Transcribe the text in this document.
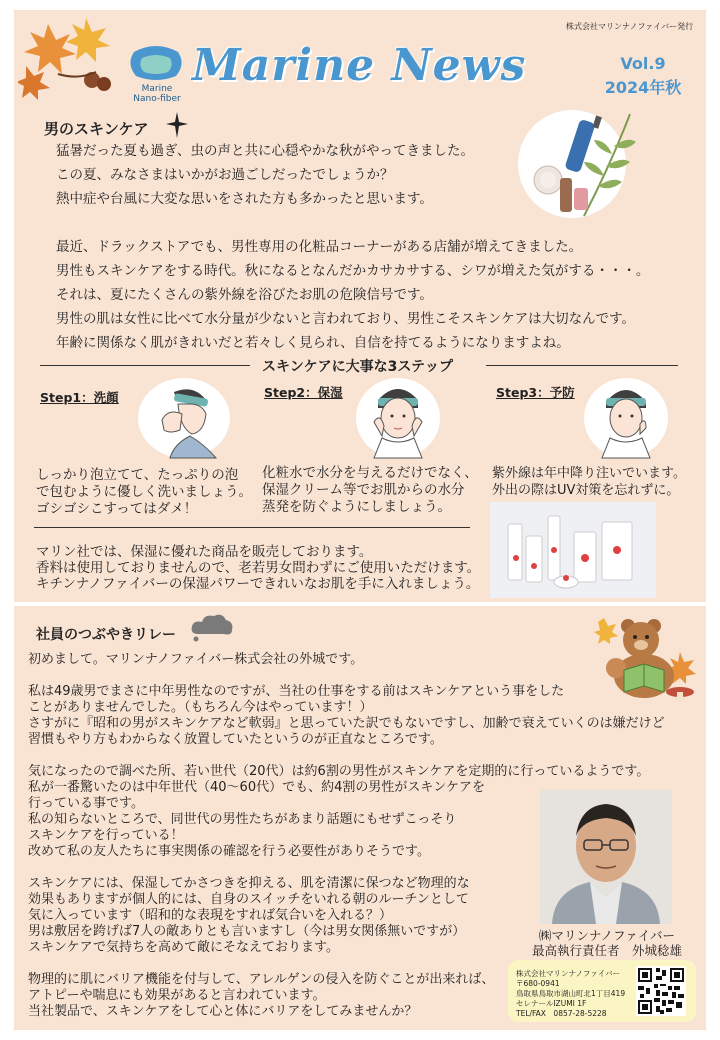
株式会社マリンナノファイバー発行
Marine
Nano-fiber
Marine News	Vol.9
2024年秋
男のスキンケア
猛暑だった夏も過ぎ、虫の声と共に心穏やかな秋がやってきました。
この夏、みなさまはいかがお過ごしだったでしょうか？
熱中症や台風に大変な思いをされた方も多かったと思います。
最近、ドラックストアでも、男性専用の化粧品コーナーがある店舗が増えてきました。
男性もスキンケアをする時代。秋になるとなんだかカサカサする、シワが増えた気がする・・・。
それは、夏にたくさんの紫外線を浴びたお肌の危険信号です。
男性の肌は女性に比べて水分量が少ないと言われており、男性こそスキンケアは大切なんです。
年齢に関係なく肌がきれいだと若々しく見られ、自信を持てるようになりますよね。
スキンケアに大事な3ステップ
Step1：洗顔	Step2：保湿	Step3：予防
しっかり泡立てて、たっぷりの泡
で包むように優しく洗いましょう。
ゴシゴシこすってはダメ！
化粧水で水分を与えるだけでなく、
保湿クリーム等でお肌からの水分
蒸発を防ぐようにしましょう。
紫外線は年中降り注いでいます。
外出の際はUV対策を忘れずに。
マリン社では、保湿に優れた商品を販売しております。
香料は使用しておりませんので、老若男女問わずにご使用いただけます。
キチンナノファイバーの保湿パワーできれいなお肌を手に入れましょう。
社員のつぶやきリレー
初めまして。マリンナノファイバー株式会社の外城です。
私は49歳男でまさに中年男性なのですが、当社の仕事をする前はスキンケアという事をした
ことがありませんでした。（もちろん今はやっています！）
さすがに『昭和の男がスキンケアなど軟弱』と思っていた訳でもないですし、加齢で衰えていくのは嫌だけど
習慣もやり方もわからなく放置していたというのが正直なところです。
気になったので調べた所、若い世代（20代）は約6割の男性がスキンケアを定期的に行っているようです。
私が一番驚いたのは中年世代（40～60代）でも、約4割の男性がスキンケアを
行っている事です。
私の知らないところで、同世代の男性たちがあまり話題にもせずこっそり
スキンケアを行っている！
改めて私の友人たちに事実関係の確認を行う必要性がありそうです。
スキンケアには、保湿してかさつきを抑える、肌を清潔に保つなど物理的な
効果もありますが個人的には、自身のスイッチをいれる朝のルーチンとして
気に入っています（昭和的な表現をすれば気合いを入れる？）
男は敷居を跨げば7人の敵ありとも言いますし（今は男女関係無いですが）
スキンケアで気持ちを高めて敵にそなえております。
物理的に肌にバリア機能を付与して、アレルゲンの侵入を防ぐことが出来れば、
アトピーや喘息にも効果があると言われています。
当社製品で、スキンケアをして心と体にバリアをしてみませんか？
㈱マリンナノファイバー
最高執行責任者　外城稔雄
株式会社マリンナノファイバー
〒680-0941
鳥取県鳥取市湖山町北1丁目419
セレナールIZUMI 1F
TEL/FAX　0857-28-5228
